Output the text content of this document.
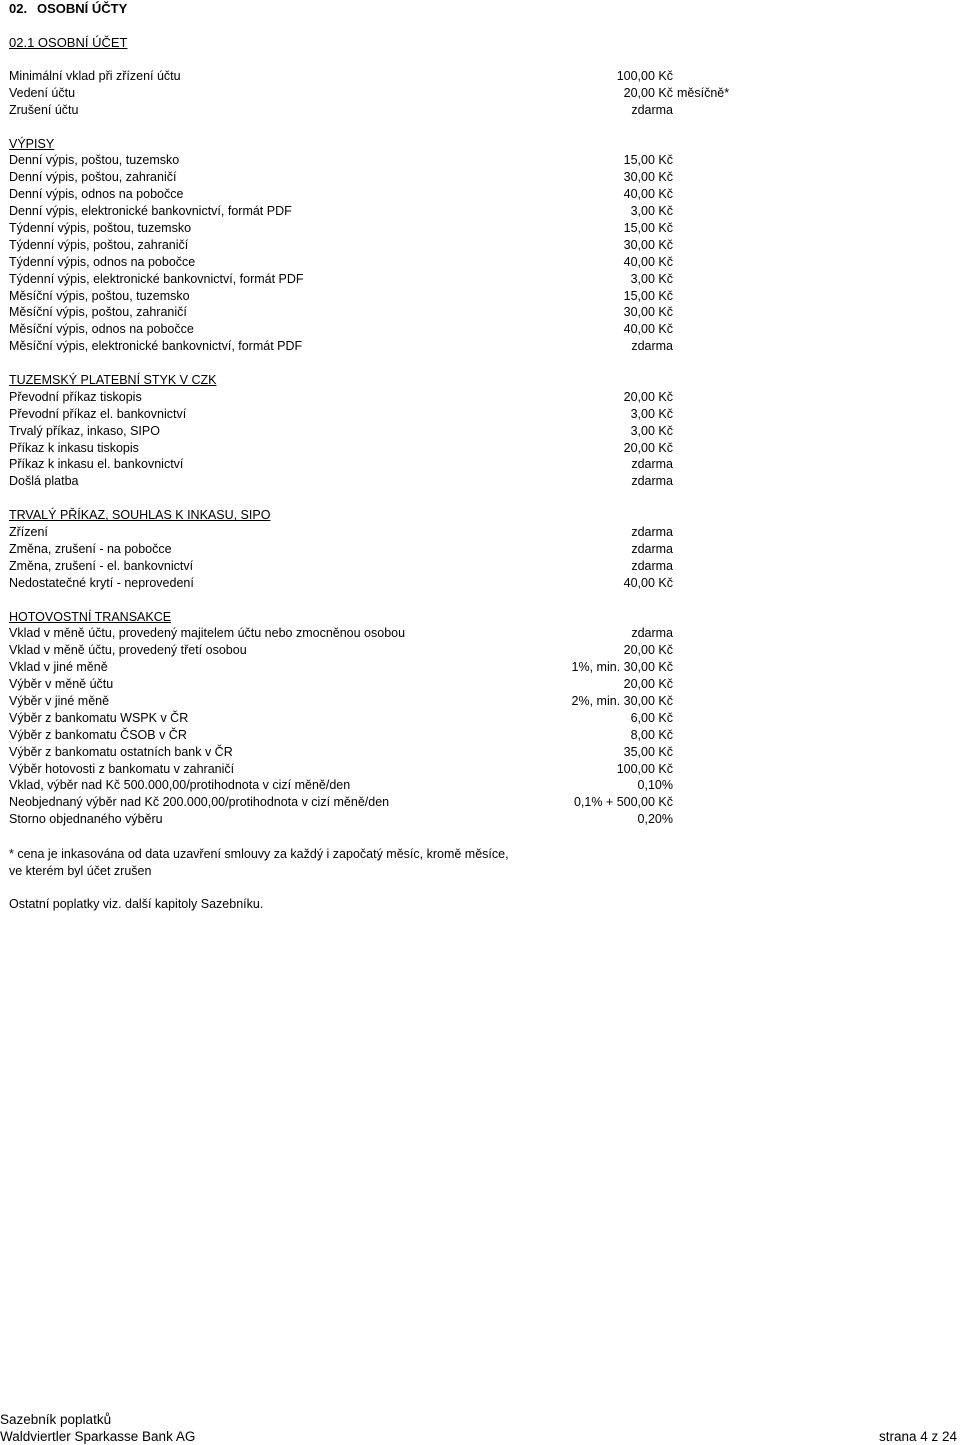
02. OSOBNÍ ÚČTY
02.1 OSOBNÍ ÚČET
Minimální vklad při zřízení účtu	100,00 Kč
Vedení účtu	20,00 Kč měsíčně*
Zrušení účtu	zdarma
VÝPISY
Denní výpis, poštou, tuzemsko	15,00 Kč
Denní výpis, poštou, zahraničí	30,00 Kč
Denní výpis, odnos na pobočce	40,00 Kč
Denní výpis, elektronické bankovnictví, formát PDF	3,00 Kč
Týdenní výpis, poštou, tuzemsko	15,00 Kč
Týdenní výpis, poštou, zahraničí	30,00 Kč
Týdenní výpis, odnos na pobočce	40,00 Kč
Týdenní výpis, elektronické bankovnictví, formát PDF	3,00 Kč
Měsíční výpis, poštou, tuzemsko	15,00 Kč
Měsíční výpis, poštou, zahraničí	30,00 Kč
Měsíční výpis, odnos na pobočce	40,00 Kč
Měsíční výpis, elektronické bankovnictví, formát PDF	zdarma
TUZEMSKÝ PLATEBNÍ STYK V CZK
Převodní příkaz tiskopis	20,00 Kč
Převodní příkaz el. bankovnictví	3,00 Kč
Trvalý příkaz, inkaso, SIPO	3,00 Kč
Příkaz k inkasu tiskopis	20,00 Kč
Příkaz k inkasu el. bankovnictví	zdarma
Došlá platba	zdarma
TRVALÝ PŘÍKAZ, SOUHLAS K INKASU, SIPO
Zřízení	zdarma
Změna, zrušení - na pobočce	zdarma
Změna, zrušení - el. bankovnictví	zdarma
Nedostatečné krytí - neprovedení	40,00 Kč
HOTOVOSTNÍ TRANSAKCE
Vklad v měně účtu, provedený majitelem účtu nebo zmocněnou osobou	zdarma
Vklad v měně účtu, provedený třetí osobou	20,00 Kč
Vklad v jiné měně	1%, min. 30,00 Kč
Výběr v měně účtu	20,00 Kč
Výběr v jiné měně	2%, min. 30,00 Kč
Výběr z bankomatu WSPK v ČR	6,00 Kč
Výběr z bankomatu ČSOB v ČR	8,00 Kč
Výběr z bankomatu ostatních bank v ČR	35,00 Kč
Výběr hotovosti z bankomatu v zahraničí	100,00 Kč
Vklad, výběr nad Kč 500.000,00/protihodnota v cizí měně/den	0,10%
Neobjednaný výběr nad Kč 200.000,00/protihodnota v cizí měně/den	0,1% + 500,00 Kč
Storno objednaného výběru	0,20%

* cena je inkasována od data uzavření smlouvy za každý i započatý měsíc, kromě měsíce,

ve kterém byl účet zrušen

Ostatní poplatky viz. další kapitoly Sazebníku.
Sazebník poplatků
Waldviertler Sparkasse Bank AG	strana 4 z 24
